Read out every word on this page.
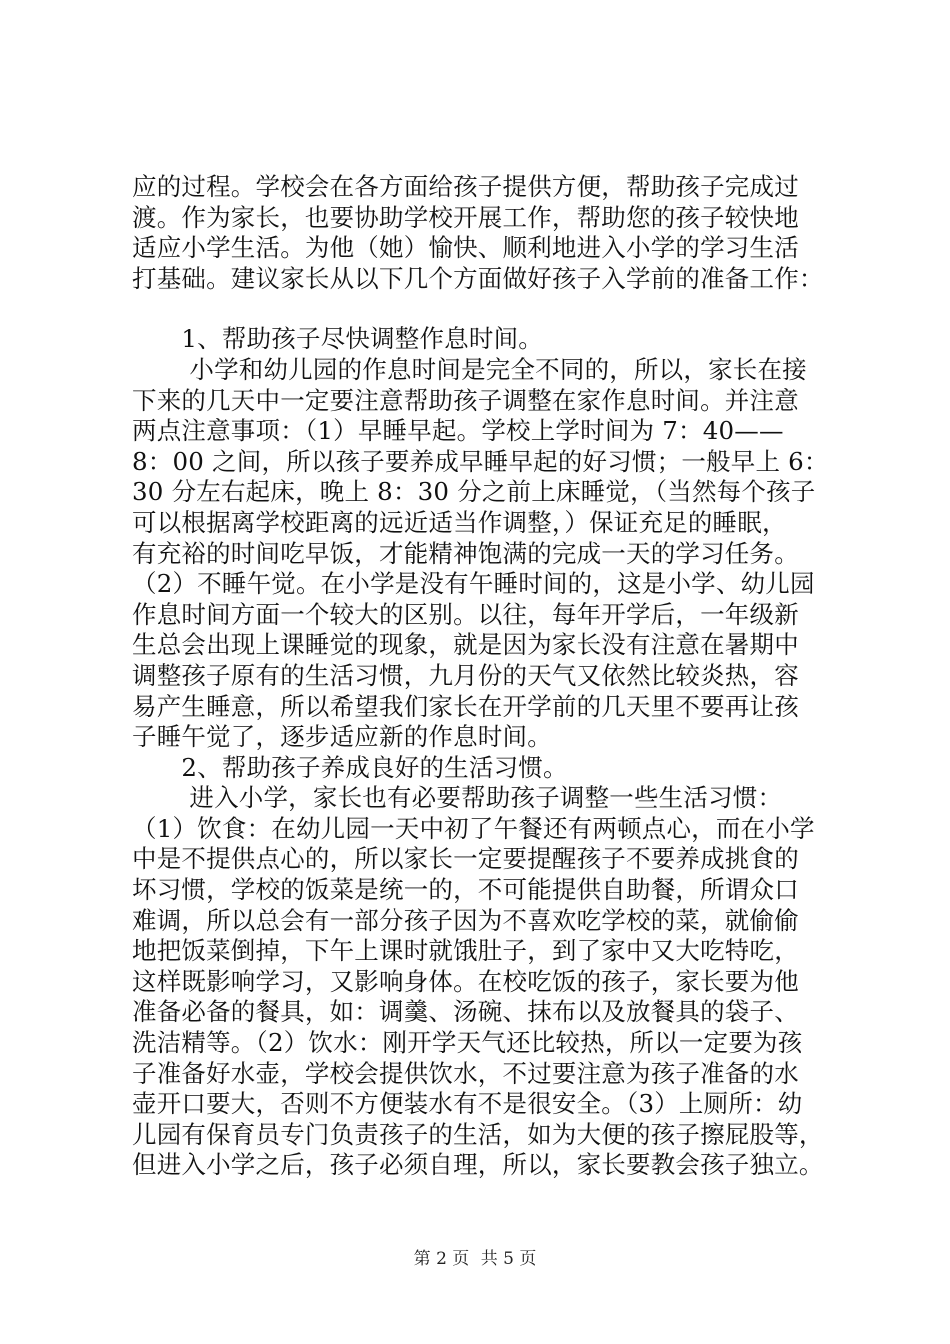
应的过程。学校会在各方面给孩子提供方便，帮助孩子完成过
渡。作为家长，也要协助学校开展工作，帮助您的孩子较快地
适应小学生活。为他（她）愉快、顺利地进入小学的学习生活
打基础。建议家长从以下几个方面做好孩子入学前的准备工作：
　　1、帮助孩子尽快调整作息时间。
　　 小学和幼儿园的作息时间是完全不同的，所以，家长在接
下来的几天中一定要注意帮助孩子调整在家作息时间。并注意
两点注意事项：（1）早睡早起。学校上学时间为 7：40——
8：00 之间，所以孩子要养成早睡早起的好习惯；一般早上 6：
30 分左右起床，晚上 8：30 分之前上床睡觉，（当然每个孩子
可以根据离学校距离的远近适当作调整，）保证充足的睡眠，
有充裕的时间吃早饭，才能精神饱满的完成一天的学习任务。
（2）不睡午觉。在小学是没有午睡时间的，这是小学、幼儿园
作息时间方面一个较大的区别。以往，每年开学后，一年级新
生总会出现上课睡觉的现象，就是因为家长没有注意在暑期中
调整孩子原有的生活习惯，九月份的天气又依然比较炎热，容
易产生睡意，所以希望我们家长在开学前的几天里不要再让孩
子睡午觉了，逐步适应新的作息时间。
　　2、帮助孩子养成良好的生活习惯。
　　 进入小学，家长也有必要帮助孩子调整一些生活习惯：
（1）饮食：在幼儿园一天中初了午餐还有两顿点心，而在小学
中是不提供点心的，所以家长一定要提醒孩子不要养成挑食的
坏习惯，学校的饭菜是统一的，不可能提供自助餐，所谓众口
难调，所以总会有一部分孩子因为不喜欢吃学校的菜，就偷偷
地把饭菜倒掉，下午上课时就饿肚子，到了家中又大吃特吃，
这样既影响学习，又影响身体。在校吃饭的孩子，家长要为他
准备必备的餐具，如：调羹、汤碗、抹布以及放餐具的袋子、
洗洁精等。（2）饮水：刚开学天气还比较热，所以一定要为孩
子准备好水壶，学校会提供饮水，不过要注意为孩子准备的水
壶开口要大，否则不方便装水有不是很安全。（3）上厕所：幼
儿园有保育员专门负责孩子的生活，如为大便的孩子擦屁股等，
但进入小学之后，孩子必须自理，所以，家长要教会孩子独立。
第 2 页 共 5 页
